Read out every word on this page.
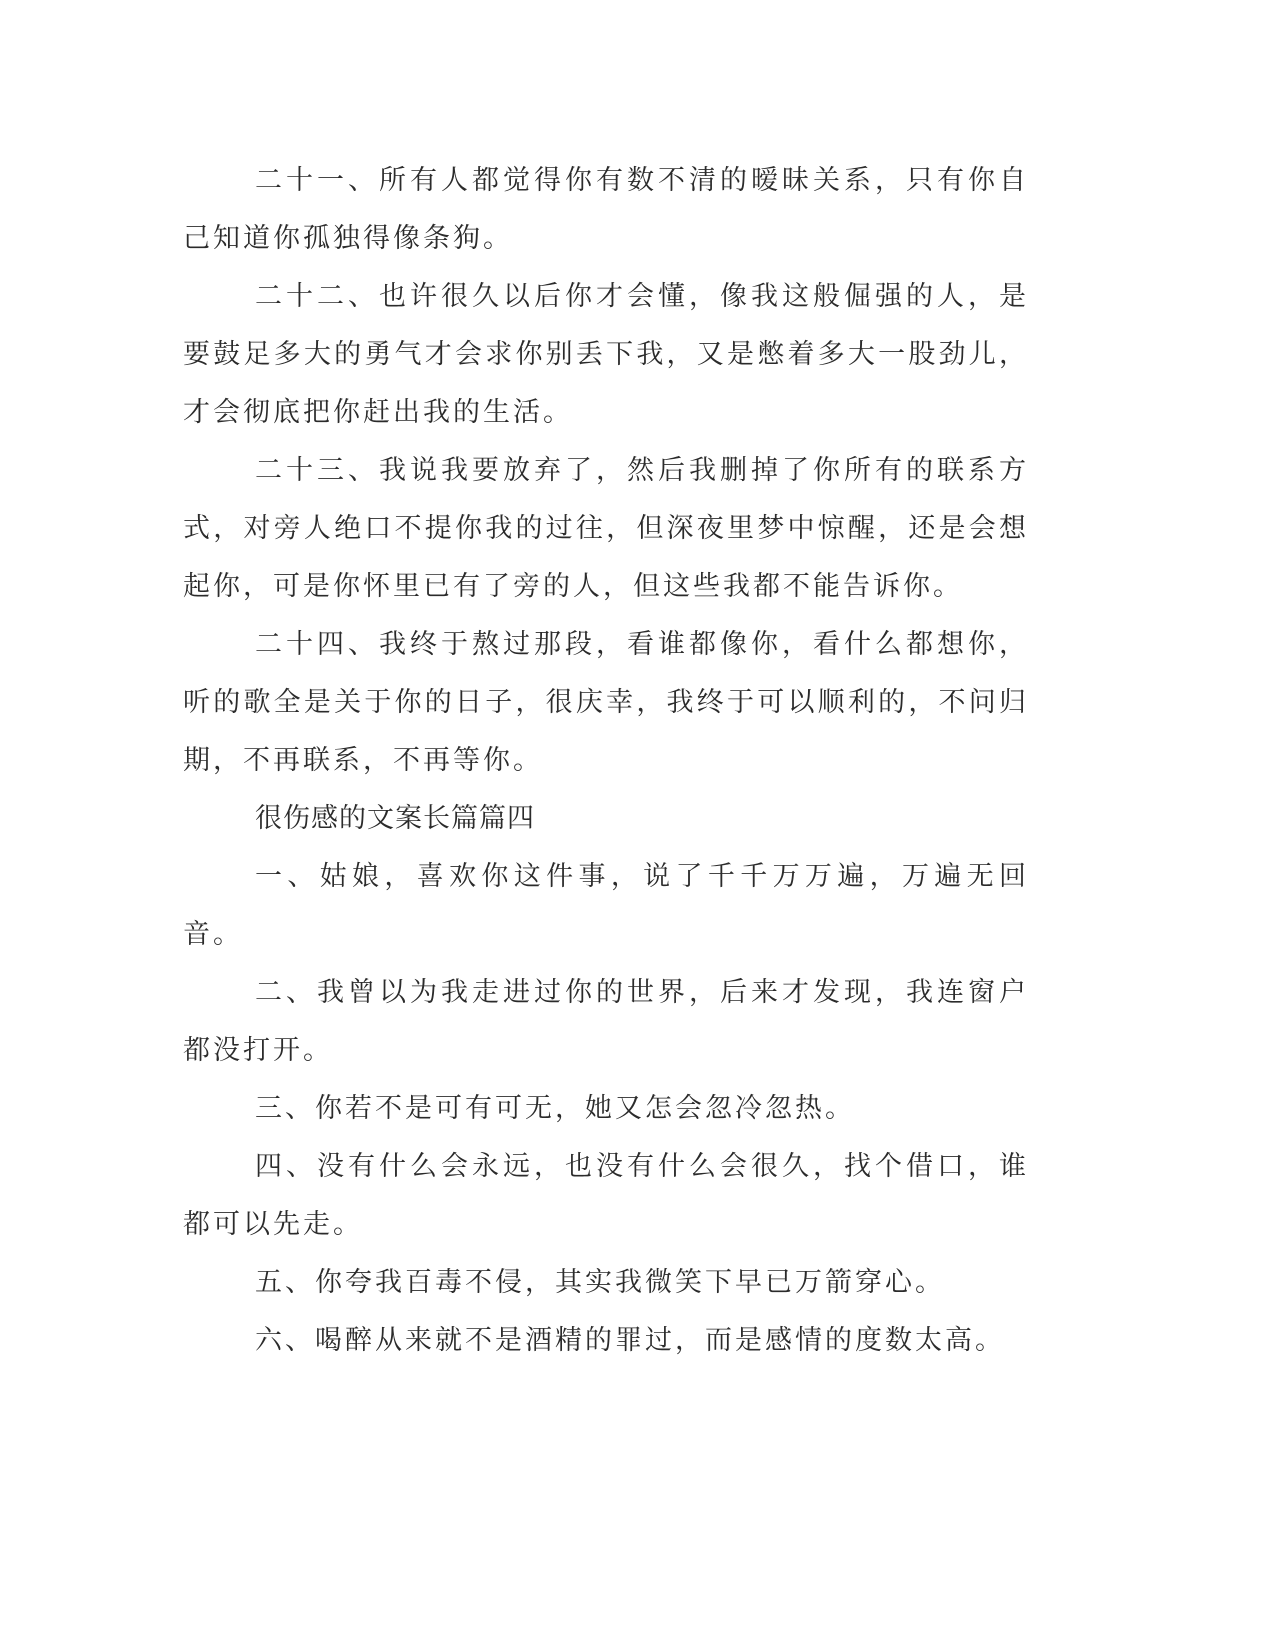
二十一、所有人都觉得你有数不清的暧昧关系，只有你自己知道你孤独得像条狗。

二十二、也许很久以后你才会懂，像我这般倔强的人，是要鼓足多大的勇气才会求你别丢下我，又是憋着多大一股劲儿，才会彻底把你赶出我的生活。

二十三、我说我要放弃了，然后我删掉了你所有的联系方式，对旁人绝口不提你我的过往，但深夜里梦中惊醒，还是会想起你，可是你怀里已有了旁的人，但这些我都不能告诉你。

二十四、我终于熬过那段，看谁都像你，看什么都想你，听的歌全是关于你的日子，很庆幸，我终于可以顺利的，不问归期，不再联系，不再等你。

很伤感的文案长篇篇四

一、姑娘，喜欢你这件事，说了千千万万遍，万遍无回音。

二、我曾以为我走进过你的世界，后来才发现，我连窗户都没打开。

三、你若不是可有可无，她又怎会忽冷忽热。

四、没有什么会永远，也没有什么会很久，找个借口，谁都可以先走。

五、你夸我百毒不侵，其实我微笑下早已万箭穿心。

六、喝醉从来就不是酒精的罪过，而是感情的度数太高。
